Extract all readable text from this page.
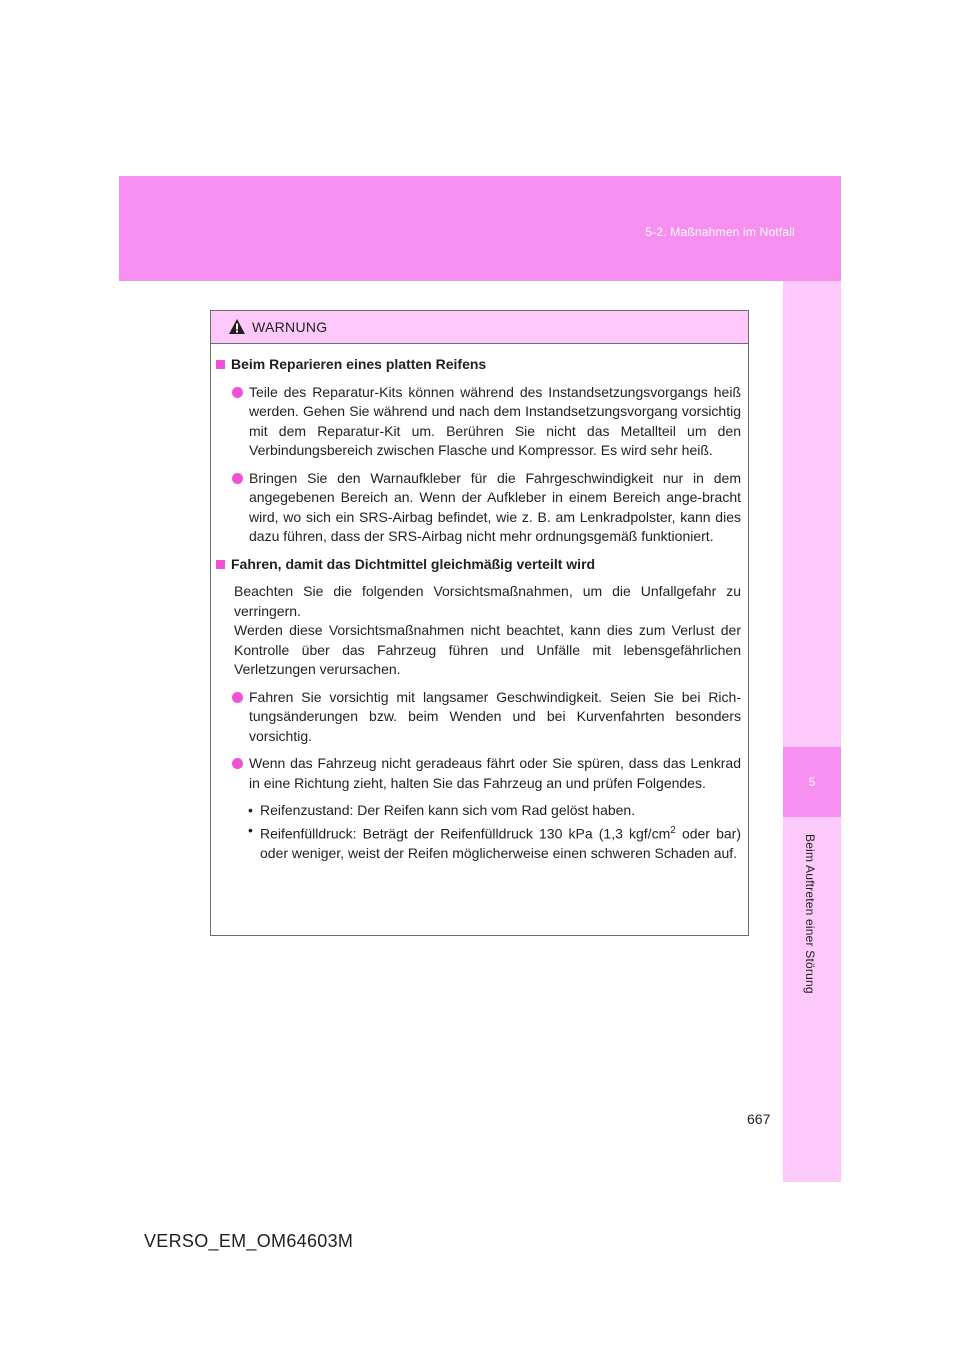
5-2. Maßnahmen im Notfall
5
Beim Auftreten einer Störung
WARNUNG
Beim Reparieren eines platten Reifens
Teile des Reparatur-Kits können während des Instandsetzungsvorgangs heiß werden. Gehen Sie während und nach dem Instandsetzungsvorgang vorsichtig mit dem Reparatur-Kit um. Berühren Sie nicht das Metallteil um den Verbindungsbereich zwischen Flasche und Kompressor. Es wird sehr heiß.
Bringen Sie den Warnaufkleber für die Fahrgeschwindigkeit nur in dem angegebenen Bereich an. Wenn der Aufkleber in einem Bereich ange-bracht wird, wo sich ein SRS-Airbag befindet, wie z. B. am Lenkradpolster, kann dies dazu führen, dass der SRS-Airbag nicht mehr ordnungsgemäß funktioniert.
Fahren, damit das Dichtmittel gleichmäßig verteilt wird
Beachten Sie die folgenden Vorsichtsmaßnahmen, um die Unfallgefahr zu verringern.
Werden diese Vorsichtsmaßnahmen nicht beachtet, kann dies zum Verlust der Kontrolle über das Fahrzeug führen und Unfälle mit lebensgefährlichen Verletzungen verursachen.
Fahren Sie vorsichtig mit langsamer Geschwindigkeit. Seien Sie bei Rich-tungsänderungen bzw. beim Wenden und bei Kurvenfahrten besonders vorsichtig.
Wenn das Fahrzeug nicht geradeaus fährt oder Sie spüren, dass das Lenkrad in eine Richtung zieht, halten Sie das Fahrzeug an und prüfen Folgendes.
• Reifenzustand: Der Reifen kann sich vom Rad gelöst haben.
• Reifenfülldruck: Beträgt der Reifenfülldruck 130 kPa (1,3 kgf/$cm^2$ oder bar) oder weniger, weist der Reifen möglicherweise einen schweren Schaden auf.
667
VERSO_EM_OM64603M
